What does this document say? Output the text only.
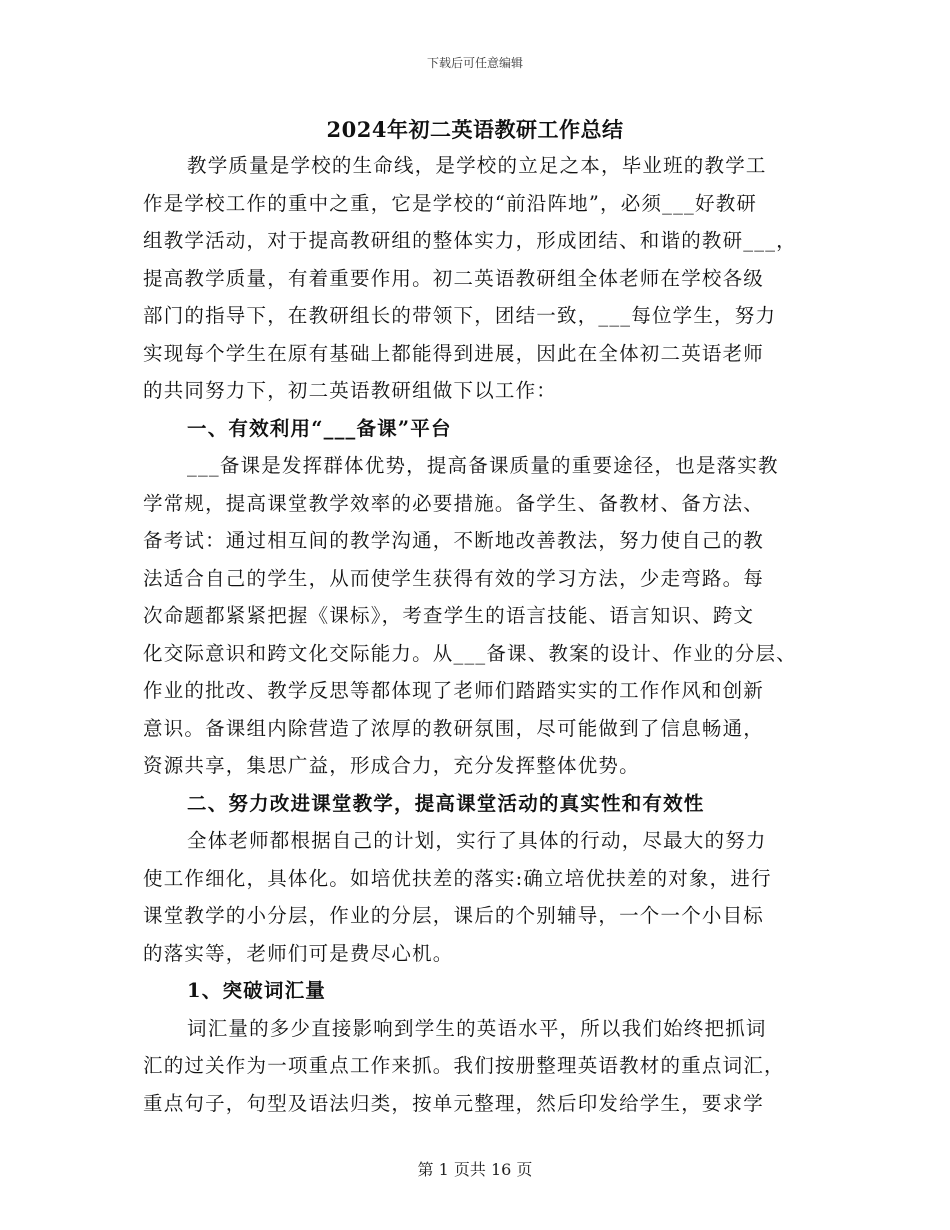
下载后可任意编辑
2024年初二英语教研工作总结
教学质量是学校的生命线，是学校的立足之本，毕业班的教学工
作是学校工作的重中之重，它是学校的“前沿阵地”，必须___好教研
组教学活动，对于提高教研组的整体实力，形成团结、和谐的教研___，
提高教学质量，有着重要作用。初二英语教研组全体老师在学校各级
部门的指导下，在教研组长的带领下，团结一致，___每位学生，努力
实现每个学生在原有基础上都能得到进展，因此在全体初二英语老师
的共同努力下，初二英语教研组做下以工作：
一、有效利用“___备课”平台
___备课是发挥群体优势，提高备课质量的重要途径，也是落实教
学常规，提高课堂教学效率的必要措施。备学生、备教材、备方法、
备考试：通过相互间的教学沟通，不断地改善教法，努力使自己的教
法适合自己的学生，从而使学生获得有效的学习方法，少走弯路。每
次命题都紧紧把握《课标》，考查学生的语言技能、语言知识、跨文
化交际意识和跨文化交际能力。从___备课、教案的设计、作业的分层、
作业的批改、教学反思等都体现了老师们踏踏实实的工作作风和创新
意识。备课组内除营造了浓厚的教研氛围，尽可能做到了信息畅通，
资源共享，集思广益，形成合力，充分发挥整体优势。
二、努力改进课堂教学，提高课堂活动的真实性和有效性
全体老师都根据自己的计划，实行了具体的行动，尽最大的努力
使工作细化，具体化。如培优扶差的落实:确立培优扶差的对象，进行
课堂教学的小分层，作业的分层，课后的个别辅导，一个一个小目标
的落实等，老师们可是费尽心机。
1、突破词汇量
词汇量的多少直接影响到学生的英语水平，所以我们始终把抓词
汇的过关作为一项重点工作来抓。我们按册整理英语教材的重点词汇，
重点句子，句型及语法归类，按单元整理，然后印发给学生，要求学
第 1 页共 16 页
